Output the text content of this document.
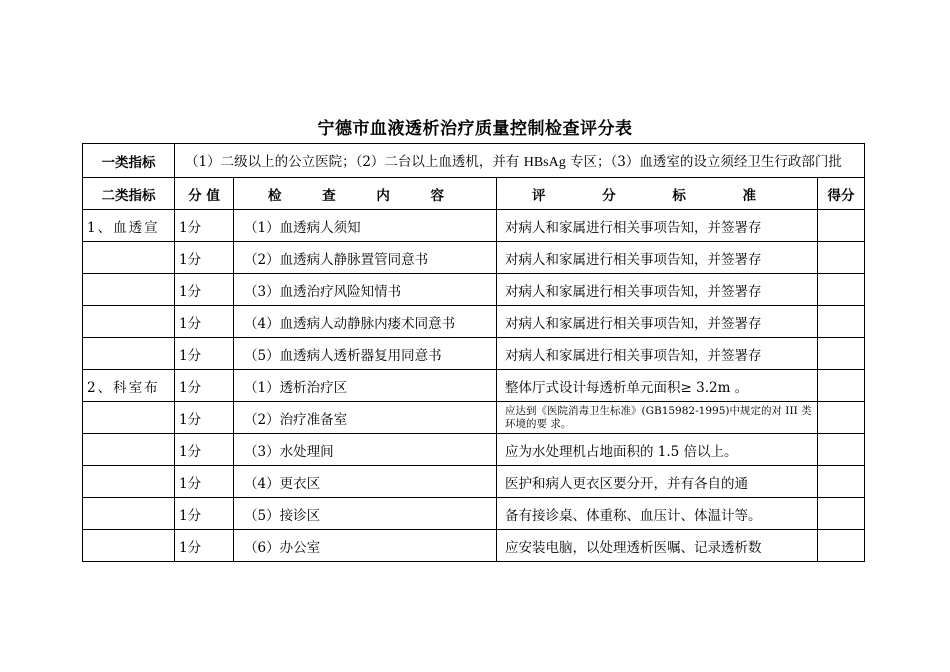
宁德市血液透析治疗质量控制检查评分表
一类指标	（1）二级以上的公立医院；（2）二台以上血透机，并有 HBsAg 专区；（3）血透室的设立须经卫生行政部门批			
二类指标	分 值	检 查 内 容	评 分 标 准	得分
1、血透宣	1分	（1）血透病人须知	对病人和家属进行相关事项告知，并签署存	
	1分	（2）血透病人静脉置管同意书	对病人和家属进行相关事项告知，并签署存	
	1分	（3）血透治疗风险知情书	对病人和家属进行相关事项告知，并签署存	
	1分	（4）血透病人动静脉内瘘术同意书	对病人和家属进行相关事项告知，并签署存	
	1分	（5）血透病人透析器复用同意书	对病人和家属进行相关事项告知，并签署存	
2、科室布	1分	（1）透析治疗区	整体厅式设计每透析单元面积≥ 3.2m 。	
	1分	（2）治疗准备室	应达到《医院消毒卫生标准》(GB15982-1995)中规定的对 III 类环境的要 求。	
	1分	（3）水处理间	应为水处理机占地面积的 1.5 倍以上。	
	1分	（4）更衣区	医护和病人更衣区要分开，并有各自的通	
	1分	（5）接诊区	备有接诊桌、体重称、血压计、体温计等。	
	1分	（6）办公室	应安装电脑，以处理透析医嘱、记录透析数	
